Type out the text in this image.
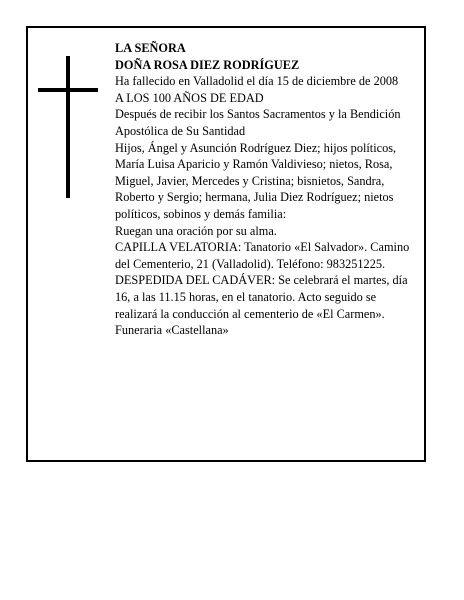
LA SEÑORA

DOÑA ROSA DIEZ RODRÍGUEZ

Ha fallecido en Valladolid el día 15 de diciembre de 2008

A LOS 100 AÑOS DE EDAD

Después de recibir los Santos Sacramentos y la Bendición Apostólica de Su Santidad

Hijos, Ángel y Asunción Rodríguez Diez; hijos políticos, María Luisa Aparicio y Ramón Valdivieso; nietos, Rosa, Miguel, Javier, Mercedes y Cristina; bisnietos, Sandra, Roberto y Sergio; hermana, Julia Diez Rodríguez; nietos políticos, sobinos y demás familia:

Ruegan una oración por su alma.

CAPILLA VELATORIA: Tanatorio «El Salvador». Camino del Cementerio, 21 (Valladolid). Teléfono: 983251225.

DESPEDIDA DEL CADÁVER: Se celebrará el martes, día 16, a las 11.15 horas, en el tanatorio. Acto seguido se realizará la conducción al cementerio de «El Carmen».

Funeraria «Castellana»
